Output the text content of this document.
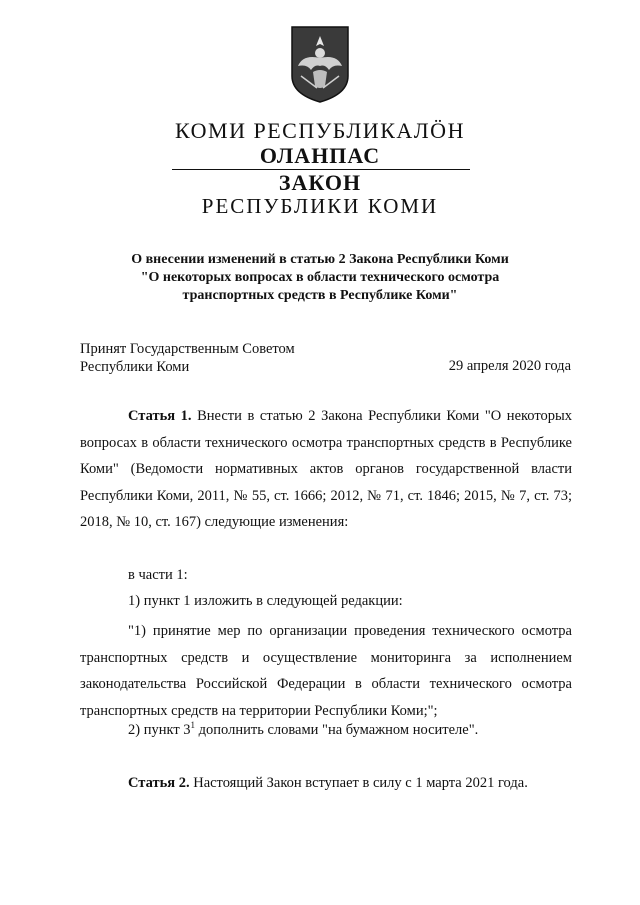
КОМИ РЕСПУБЛИКАЛӦН
ОЛАНПАС
ЗАКОН
РЕСПУБЛИКИ КОМИ
О внесении изменений в статью 2 Закона Республики Коми
"О некоторых вопросах в области технического осмотра
транспортных средств в Республике Коми"
Принят Государственным Советом
Республики Коми	29 апреля 2020 года
Статья 1. Внести в статью 2 Закона Республики Коми "О некоторых вопросах в области технического осмотра транспортных средств в Республике Коми" (Ведомости нормативных актов органов государственной власти Республики Коми, 2011, № 55, ст. 1666; 2012, № 71, ст. 1846; 2015, № 7, ст. 73; 2018, № 10, ст. 167) следующие изменения:
в части 1:
1) пункт 1 изложить в следующей редакции:
"1) принятие мер по организации проведения технического осмотра транспортных средств и осуществление мониторинга за исполнением законодательства Российской Федерации в области технического осмотра транспортных средств на территории Республики Коми;";
2) пункт $3^1$ дополнить словами "на бумажном носителе".
Статья 2. Настоящий Закон вступает в силу с 1 марта 2021 года.
